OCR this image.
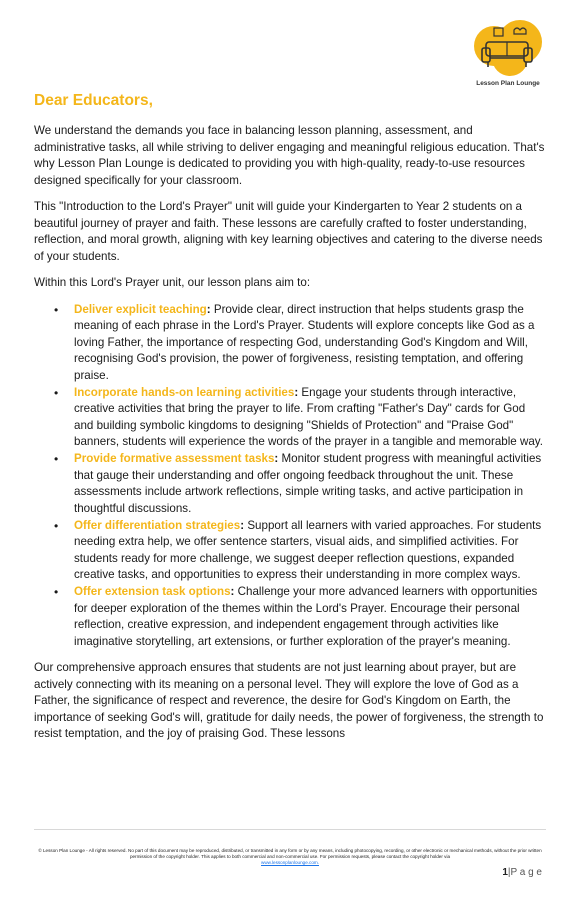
Lesson Plan Lounge
Dear Educators,

We understand the demands you face in balancing lesson planning, assessment, and administrative tasks, all while striving to deliver engaging and meaningful religious education. That's why Lesson Plan Lounge is dedicated to providing you with high-quality, ready-to-use resources designed specifically for your classroom.

This "Introduction to the Lord's Prayer" unit will guide your Kindergarten to Year 2 students on a beautiful journey of prayer and faith. These lessons are carefully crafted to foster understanding, reflection, and moral growth, aligning with key learning objectives and catering to the diverse needs of your students.

Within this Lord's Prayer unit, our lesson plans aim to:

• Deliver explicit teaching: Provide clear, direct instruction that helps students grasp the meaning of each phrase in the Lord's Prayer. Students will explore concepts like God as a loving Father, the importance of respecting God, understanding God's Kingdom and Will, recognising God's provision, the power of forgiveness, resisting temptation, and offering praise.
• Incorporate hands-on learning activities: Engage your students through interactive, creative activities that bring the prayer to life. From crafting "Father's Day" cards for God and building symbolic kingdoms to designing "Shields of Protection" and "Praise God" banners, students will experience the words of the prayer in a tangible and memorable way.
• Provide formative assessment tasks: Monitor student progress with meaningful activities that gauge their understanding and offer ongoing feedback throughout the unit. These assessments include artwork reflections, simple writing tasks, and active participation in thoughtful discussions.
• Offer differentiation strategies: Support all learners with varied approaches. For students needing extra help, we offer sentence starters, visual aids, and simplified activities. For students ready for more challenge, we suggest deeper reflection questions, expanded creative tasks, and opportunities to express their understanding in more complex ways.
• Offer extension task options: Challenge your more advanced learners with opportunities for deeper exploration of the themes within the Lord's Prayer. Encourage their personal reflection, creative expression, and independent engagement through activities like imaginative storytelling, art extensions, or further exploration of the prayer's meaning.

Our comprehensive approach ensures that students are not just learning about prayer, but are actively connecting with its meaning on a personal level. They will explore the love of God as a Father, the significance of respect and reverence, the desire for God's Kingdom on Earth, the importance of seeking God's will, gratitude for daily needs, the power of forgiveness, the strength to resist temptation, and the joy of praising God. These lessons

© Lesson Plan Lounge - All rights reserved. No part of this document may be reproduced, distributed, or transmitted in any form or by any means, including photocopying, recording, or other electronic or mechanical methods, without the prior written permission of the copyright holder. This applies to both commercial and non-commercial use. For permission requests, please contact the copyright holder via
www.lessonplanlounge.com.
1|P a g e
